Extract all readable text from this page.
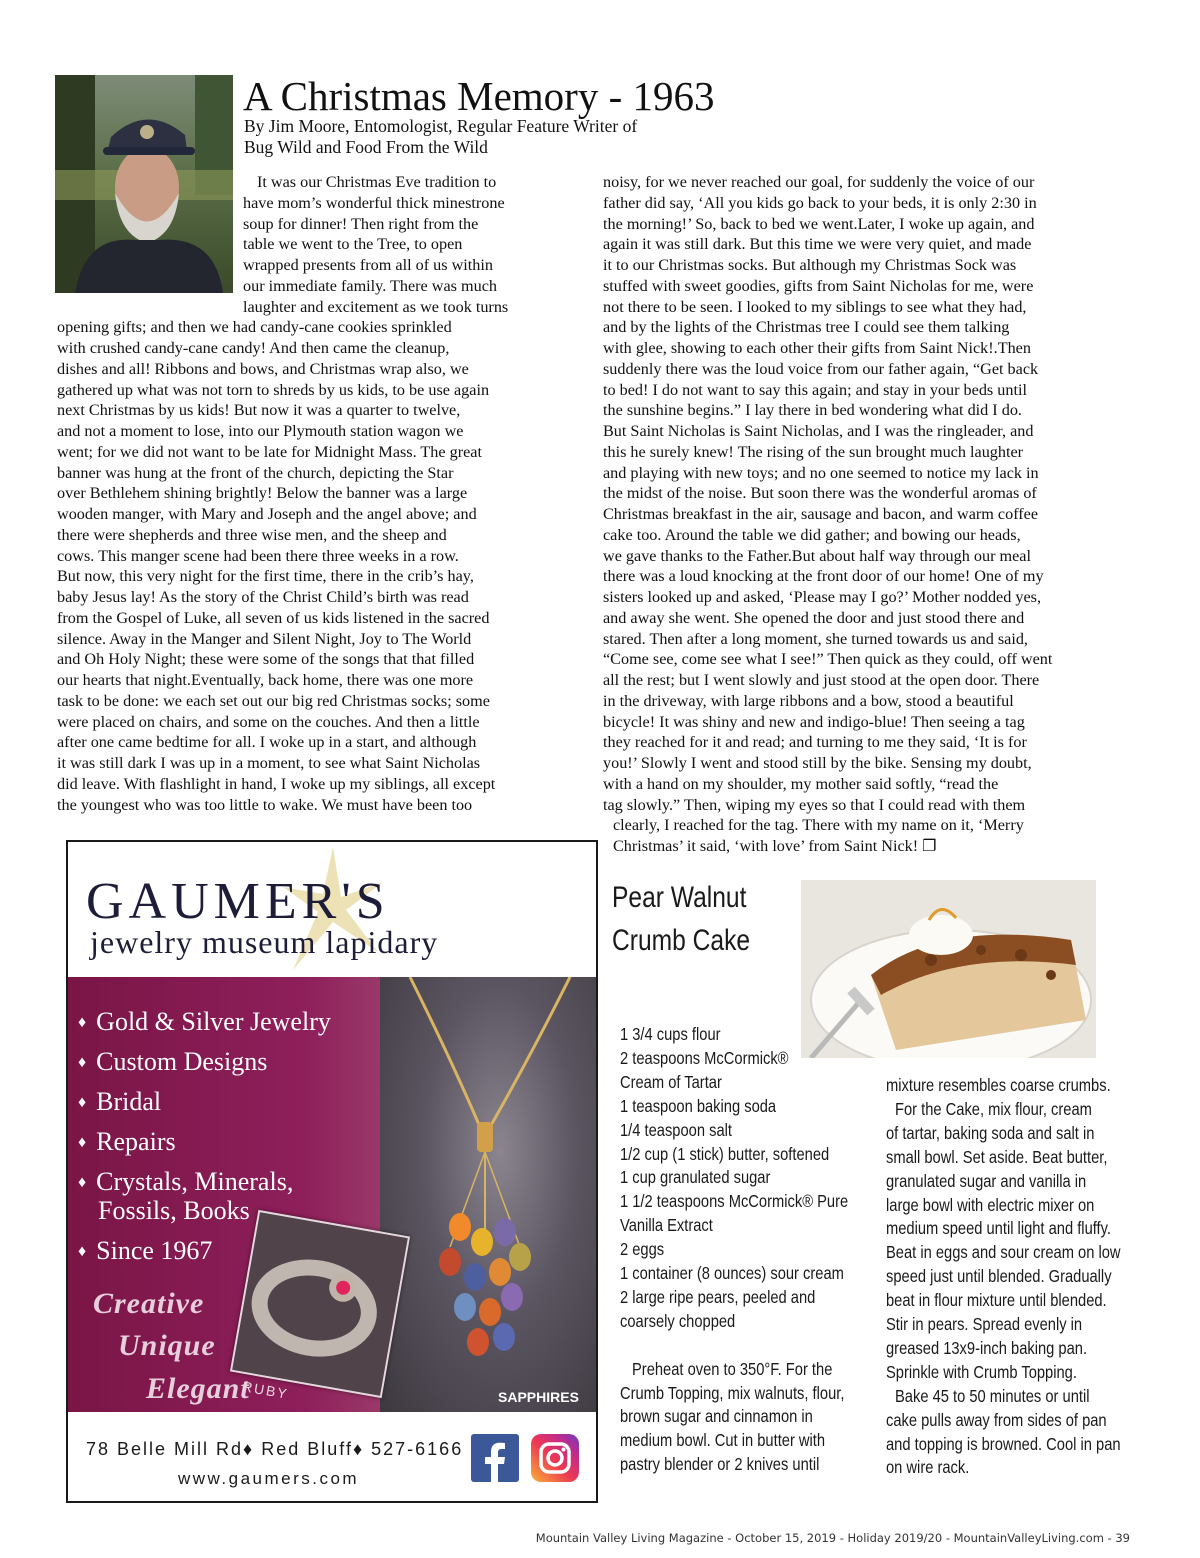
A Christmas Memory - 1963
By Jim Moore, Entomologist, Regular Feature Writer of
Bug Wild and Food From the Wild
It was our Christmas Eve tradition to
have mom’s wonderful thick minestrone
soup for dinner! Then right from the
table we went to the Tree, to open
wrapped presents from all of us within
our immediate family. There was much
laughter and excitement as we took turns
opening gifts; and then we had candy-cane cookies sprinkled
with crushed candy-cane candy! And then came the cleanup,
dishes and all! Ribbons and bows, and Christmas wrap also, we
gathered up what was not torn to shreds by us kids, to be use again
next Christmas by us kids! But now it was a quarter to twelve,
and not a moment to lose, into our Plymouth station wagon we
went; for we did not want to be late for Midnight Mass. The great
banner was hung at the front of the church, depicting the Star
over Bethlehem shining brightly! Below the banner was a large
wooden manger, with Mary and Joseph and the angel above; and
there were shepherds and three wise men, and the sheep and
cows. This manger scene had been there three weeks in a row.
But now, this very night for the first time, there in the crib’s hay,
baby Jesus lay! As the story of the Christ Child’s birth was read
from the Gospel of Luke, all seven of us kids listened in the sacred
silence. Away in the Manger and Silent Night, Joy to The World
and Oh Holy Night; these were some of the songs that that filled
our hearts that night.Eventually, back home, there was one more
task to be done: we each set out our big red Christmas socks; some
were placed on chairs, and some on the couches. And then a little
after one came bedtime for all. I woke up in a start, and although
it was still dark I was up in a moment, to see what Saint Nicholas
did leave. With flashlight in hand, I woke up my siblings, all except
the youngest who was too little to wake. We must have been too
noisy, for we never reached our goal, for suddenly the voice of our
father did say, ‘All you kids go back to your beds, it is only 2:30 in
the morning!’ So, back to bed we went.Later, I woke up again, and
again it was still dark. But this time we were very quiet, and made
it to our Christmas socks. But although my Christmas Sock was
stuffed with sweet goodies, gifts from Saint Nicholas for me, were
not there to be seen. I looked to my siblings to see what they had,
and by the lights of the Christmas tree I could see them talking
with glee, showing to each other their gifts from Saint Nick!.Then
suddenly there was the loud voice from our father again, “Get back
to bed! I do not want to say this again; and stay in your beds until
the sunshine begins.” I lay there in bed wondering what did I do.
But Saint Nicholas is Saint Nicholas, and I was the ringleader, and
this he surely knew! The rising of the sun brought much laughter
and playing with new toys; and no one seemed to notice my lack in
the midst of the noise. But soon there was the wonderful aromas of
Christmas breakfast in the air, sausage and bacon, and warm coffee
cake too. Around the table we did gather; and bowing our heads,
we gave thanks to the Father.But about half way through our meal
there was a loud knocking at the front door of our home! One of my
sisters looked up and asked, ‘Please may I go?’ Mother nodded yes,
and away she went. She opened the door and just stood there and
stared. Then after a long moment, she turned towards us and said,
“Come see, come see what I see!” Then quick as they could, off went
all the rest; but I went slowly and just stood at the open door. There
in the driveway, with large ribbons and a bow, stood a beautiful
bicycle! It was shiny and new and indigo-blue! Then seeing a tag
they reached for it and read; and turning to me they said, ‘It is for
you!’ Slowly I went and stood still by the bike. Sensing my doubt,
with a hand on my shoulder, my mother said softly, “read the
tag slowly.” Then, wiping my eyes so that I could read with them
clearly, I reached for the tag. There with my name on it, ‘Merry
Christmas’ it said, ‘with love’ from Saint Nick! ❐
GAUMER'S
jewelry museum lapidary
♦ Gold & Silver Jewelry
♦ Custom Designs
♦ Bridal
♦ Repairs
♦ Crystals, Minerals,
Fossils, Books
♦ Since 1967
Creative
Unique
Elegant
RUBY	SAPPHIRES
78 Belle Mill Rd♦ Red Bluff♦ 527-6166
www.gaumers.com
Pear Walnut
Crumb Cake
1 3/4 cups flour
2 teaspoons McCormick®
Cream of Tartar
1 teaspoon baking soda
1/4 teaspoon salt
1/2 cup (1 stick) butter, softened
1 cup granulated sugar
1 1/2 teaspoons McCormick® Pure
Vanilla Extract
2 eggs
1 container (8 ounces) sour cream
2 large ripe pears, peeled and
coarsely chopped
Preheat oven to 350°F. For the
Crumb Topping, mix walnuts, flour,
brown sugar and cinnamon in
medium bowl. Cut in butter with
pastry blender or 2 knives until
mixture resembles coarse crumbs.
For the Cake, mix flour, cream
of tartar, baking soda and salt in
small bowl. Set aside. Beat butter,
granulated sugar and vanilla in
large bowl with electric mixer on
medium speed until light and fluffy.
Beat in eggs and sour cream on low
speed just until blended. Gradually
beat in flour mixture until blended.
Stir in pears. Spread evenly in
greased 13x9-inch baking pan.
Sprinkle with Crumb Topping.
Bake 45 to 50 minutes or until
cake pulls away from sides of pan
and topping is browned. Cool in pan
on wire rack.
Mountain Valley Living Magazine - October 15, 2019 - Holiday 2019/20 - MountainValleyLiving.com - 39
